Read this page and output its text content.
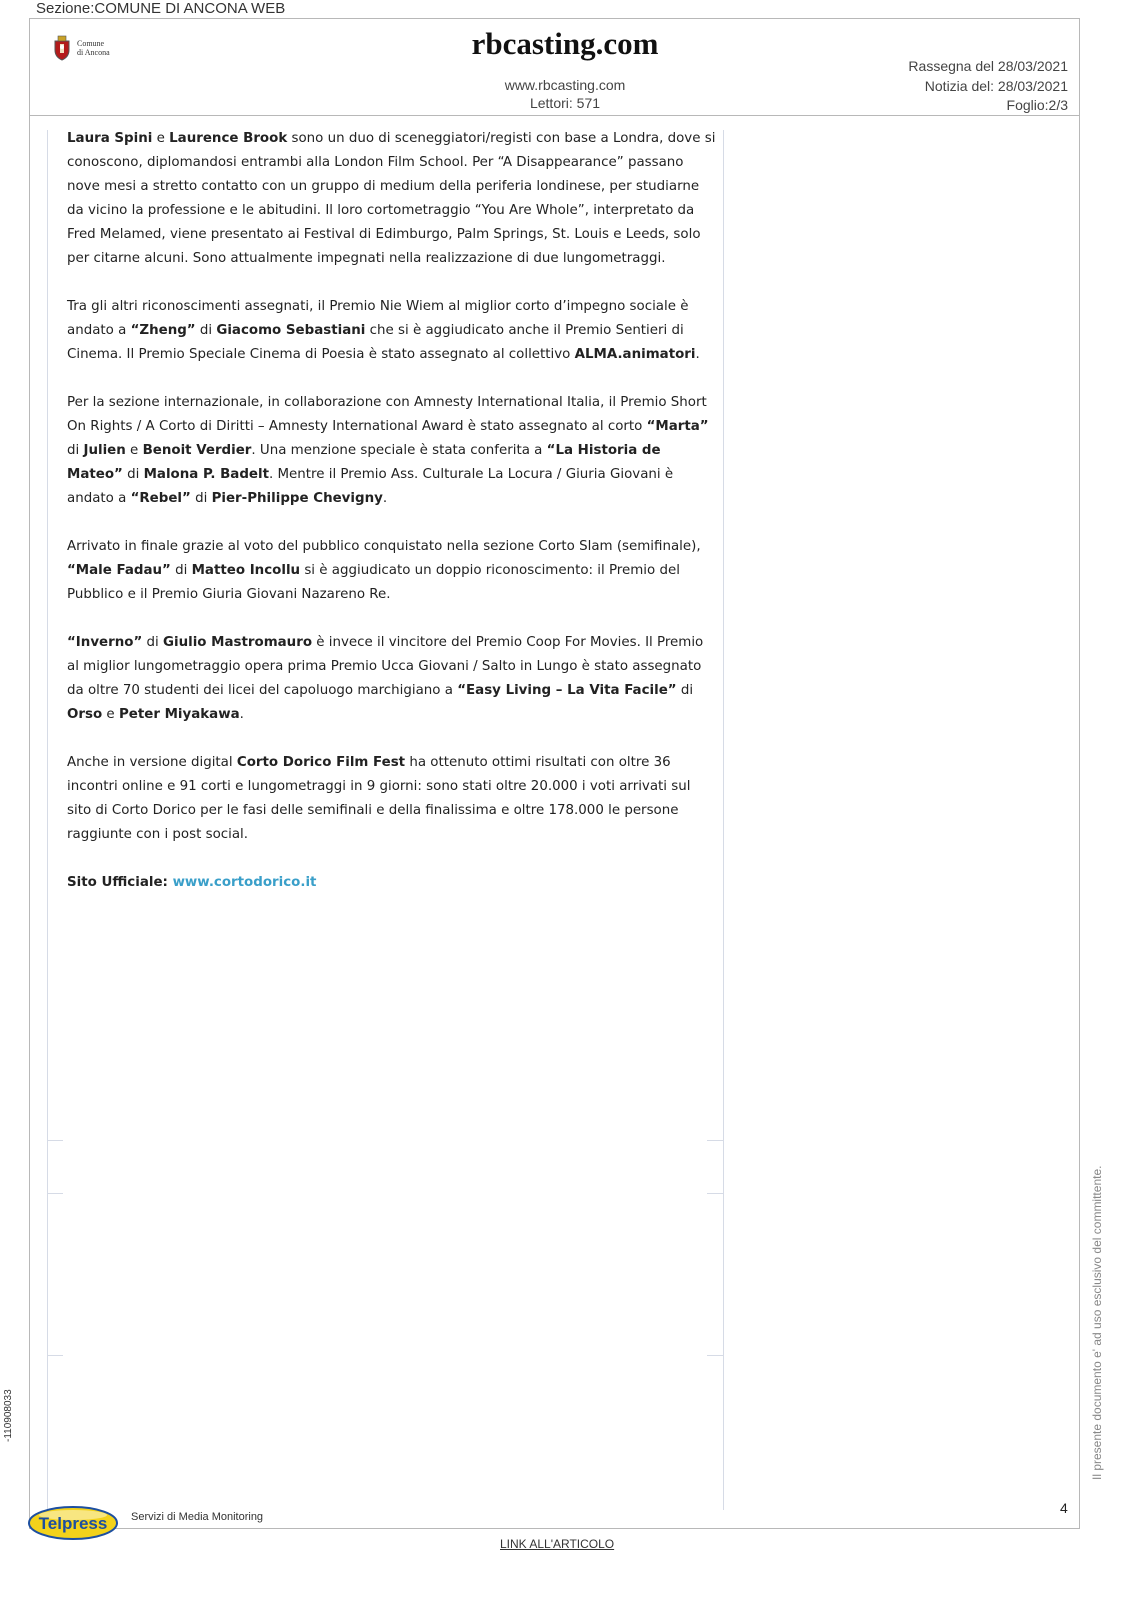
Sezione:COMUNE DI ANCONA WEB
Comune
di Ancona	rbcasting.com
www.rbcasting.com
Lettori: 571
Rassegna del 28/03/2021
Notizia del: 28/03/2021
Foglio:2/3

Laura Spini e Laurence Brook sono un duo di sceneggiatori/registi con base a Londra, dove si conoscono, diplomandosi entrambi alla London Film School. Per “A Disappearance” passano nove mesi a stretto contatto con un gruppo di medium della periferia londinese, per studiarne da vicino la professione e le abitudini. Il loro cortometraggio “You Are Whole”, interpretato da Fred Melamed, viene presentato ai Festival di Edimburgo, Palm Springs, St. Louis e Leeds, solo per citarne alcuni. Sono attualmente impegnati nella realizzazione di due lungometraggi.

Tra gli altri riconoscimenti assegnati, il Premio Nie Wiem al miglior corto d’impegno sociale è andato a “Zheng” di Giacomo Sebastiani che si è aggiudicato anche il Premio Sentieri di Cinema. Il Premio Speciale Cinema di Poesia è stato assegnato al collettivo ALMA.animatori.

Per la sezione internazionale, in collaborazione con Amnesty International Italia, il Premio Short On Rights / A Corto di Diritti – Amnesty International Award è stato assegnato al corto “Marta” di Julien e Benoit Verdier. Una menzione speciale è stata conferita a “La Historia de Mateo” di Malona P. Badelt. Mentre il Premio Ass. Culturale La Locura / Giuria Giovani è andato a “Rebel” di Pier-Philippe Chevigny.

Arrivato in finale grazie al voto del pubblico conquistato nella sezione Corto Slam (semifinale), “Male Fadau” di Matteo Incollu si è aggiudicato un doppio riconoscimento: il Premio del Pubblico e il Premio Giuria Giovani Nazareno Re.

“Inverno” di Giulio Mastromauro è invece il vincitore del Premio Coop For Movies. Il Premio al miglior lungometraggio opera prima Premio Ucca Giovani / Salto in Lungo è stato assegnato da oltre 70 studenti dei licei del capoluogo marchigiano a “Easy Living – La Vita Facile” di Orso e Peter Miyakawa.

Anche in versione digital Corto Dorico Film Fest ha ottenuto ottimi risultati con oltre 36 incontri online e 91 corti e lungometraggi in 9 giorni: sono stati oltre 20.000 i voti arrivati sul sito di Corto Dorico per le fasi delle semifinali e della finalissima e oltre 178.000 le persone raggiunte con i post social.

Sito Ufficiale: www.cortodorico.it

-110908033	Il presente documento e' ad uso esclusivo del committente.
4
Telpress Servizi di Media Monitoring
LINK ALL'ARTICOLO
